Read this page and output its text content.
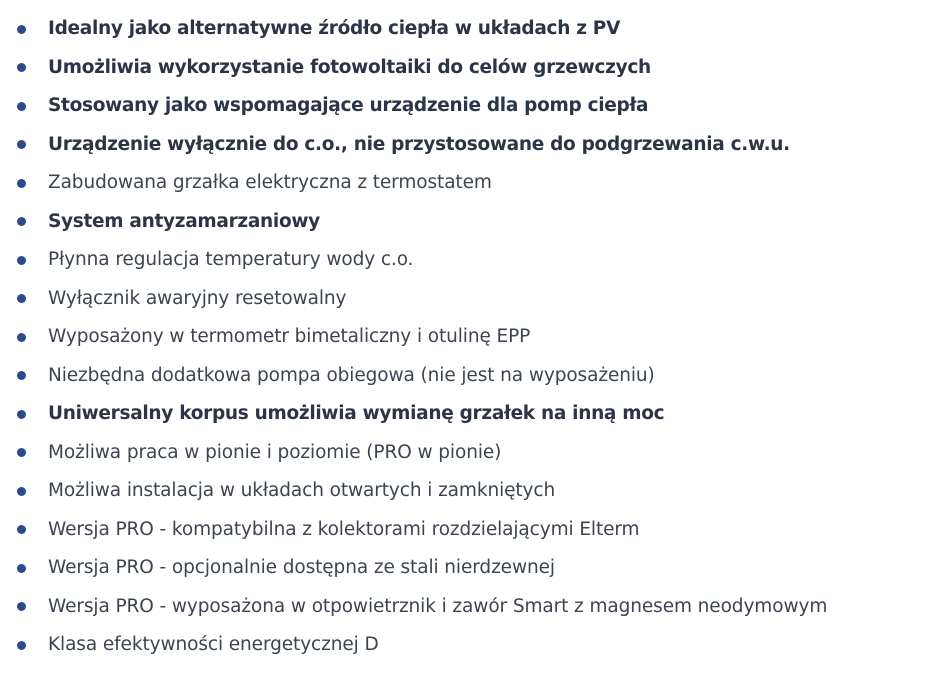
Idealny jako alternatywne źródło ciepła w układach z PV
Umożliwia wykorzystanie fotowoltaiki do celów grzewczych
Stosowany jako wspomagające urządzenie dla pomp ciepła
Urządzenie wyłącznie do c.o., nie przystosowane do podgrzewania c.w.u.
Zabudowana grzałka elektryczna z termostatem
System antyzamarzaniowy
Płynna regulacja temperatury wody c.o.
Wyłącznik awaryjny resetowalny
Wyposażony w termometr bimetaliczny i otulinę EPP
Niezbędna dodatkowa pompa obiegowa (nie jest na wyposażeniu)
Uniwersalny korpus umożliwia wymianę grzałek na inną moc
Możliwa praca w pionie i poziomie (PRO w pionie)
Możliwa instalacja w układach otwartych i zamkniętych
Wersja PRO - kompatybilna z kolektorami rozdzielającymi Elterm
Wersja PRO - opcjonalnie dostępna ze stali nierdzewnej
Wersja PRO - wyposażona w otpowietrznik i zawór Smart z magnesem neodymowym
Klasa efektywności energetycznej D
